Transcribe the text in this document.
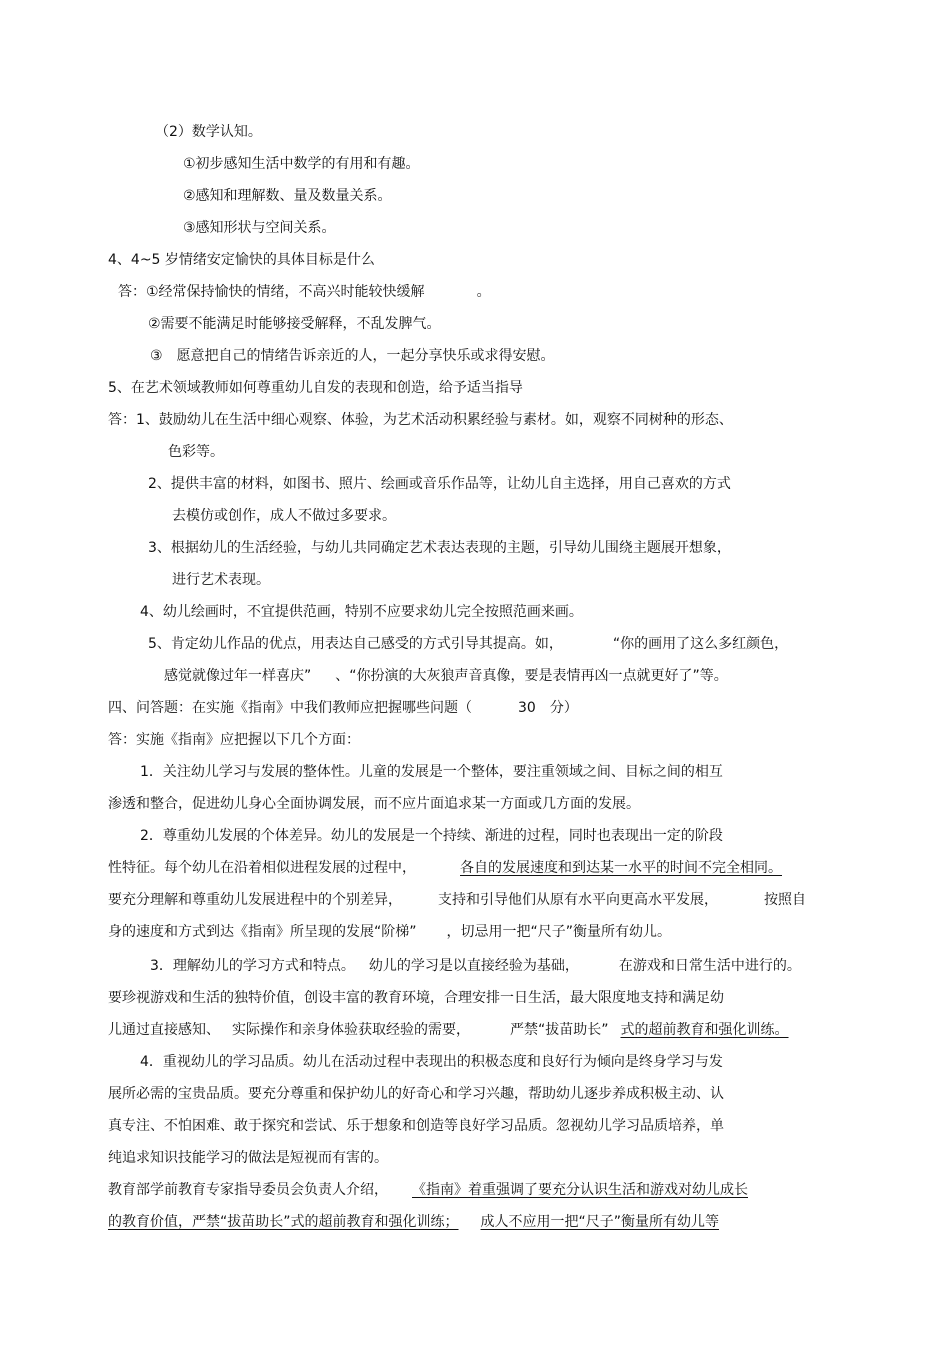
（2）数学认知。
①初步感知生活中数学的有用和有趣。
②感知和理解数、量及数量关系。
③感知形状与空间关系。
4、4~5 岁情绪安定愉快的具体目标是什么
答：①经常保持愉快的情绪，不高兴时能较快缓解	。
②需要不能满足时能够接受解释，不乱发脾气。
③　愿意把自己的情绪告诉亲近的人，一起分享快乐或求得安慰。
5、在艺术领域教师如何尊重幼儿自发的表现和创造，给予适当指导
答：1、鼓励幼儿在生活中细心观察、体验，为艺术活动积累经验与素材。如，观察不同树种的形态、
色彩等。
2、提供丰富的材料，如图书、照片、绘画或音乐作品等，让幼儿自主选择，用自己喜欢的方式
去模仿或创作，成人不做过多要求。
3、根据幼儿的生活经验，与幼儿共同确定艺术表达表现的主题，引导幼儿围绕主题展开想象，
进行艺术表现。
4、幼儿绘画时，不宜提供范画，特别不应要求幼儿完全按照范画来画。
5、肯定幼儿作品的优点，用表达自己感受的方式引导其提高。如，	“你的画用了这么多红颜色，
感觉就像过年一样喜庆” 、“你扮演的大灰狼声音真像，要是表情再凶一点就更好了”等。
四、问答题：在实施《指南》中我们教师应把握哪些问题（	30　分）
答：实施《指南》应把握以下几个方面：
1．关注幼儿学习与发展的整体性。儿童的发展是一个整体，要注重领域之间、目标之间的相互
渗透和整合，促进幼儿身心全面协调发展，而不应片面追求某一方面或几方面的发展。
2．尊重幼儿发展的个体差异。幼儿的发展是一个持续、渐进的过程，同时也表现出一定的阶段
性特征。每个幼儿在沿着相似进程发展的过程中，	各自的发展速度和到达某一水平的时间不完全相同。
要充分理解和尊重幼儿发展进程中的个别差异，	支持和引导他们从原有水平向更高水平发展，	按照自
身的速度和方式到达《指南》所呈现的发展“阶梯” ，切忌用一把“尺子”衡量所有幼儿。
3．理解幼儿的学习方式和特点。 幼儿的学习是以直接经验为基础，	在游戏和日常生活中进行的。
要珍视游戏和生活的独特价值，创设丰富的教育环境，合理安排一日生活，最大限度地支持和满足幼
儿通过直接感知、 实际操作和亲身体验获取经验的需要，	严禁“拔苗助长” 式的超前教育和强化训练。
4．重视幼儿的学习品质。幼儿在活动过程中表现出的积极态度和良好行为倾向是终身学习与发
展所必需的宝贵品质。要充分尊重和保护幼儿的好奇心和学习兴趣，帮助幼儿逐步养成积极主动、认
真专注、不怕困难、敢于探究和尝试、乐于想象和创造等良好学习品质。忽视幼儿学习品质培养，单
纯追求知识技能学习的做法是短视而有害的。
教育部学前教育专家指导委员会负责人介绍， 《指南》着重强调了要充分认识生活和游戏对幼儿成长
的教育价值，严禁“拔苗助长”式的超前教育和强化训练； 成人不应用一把“尺子”衡量所有幼儿等
